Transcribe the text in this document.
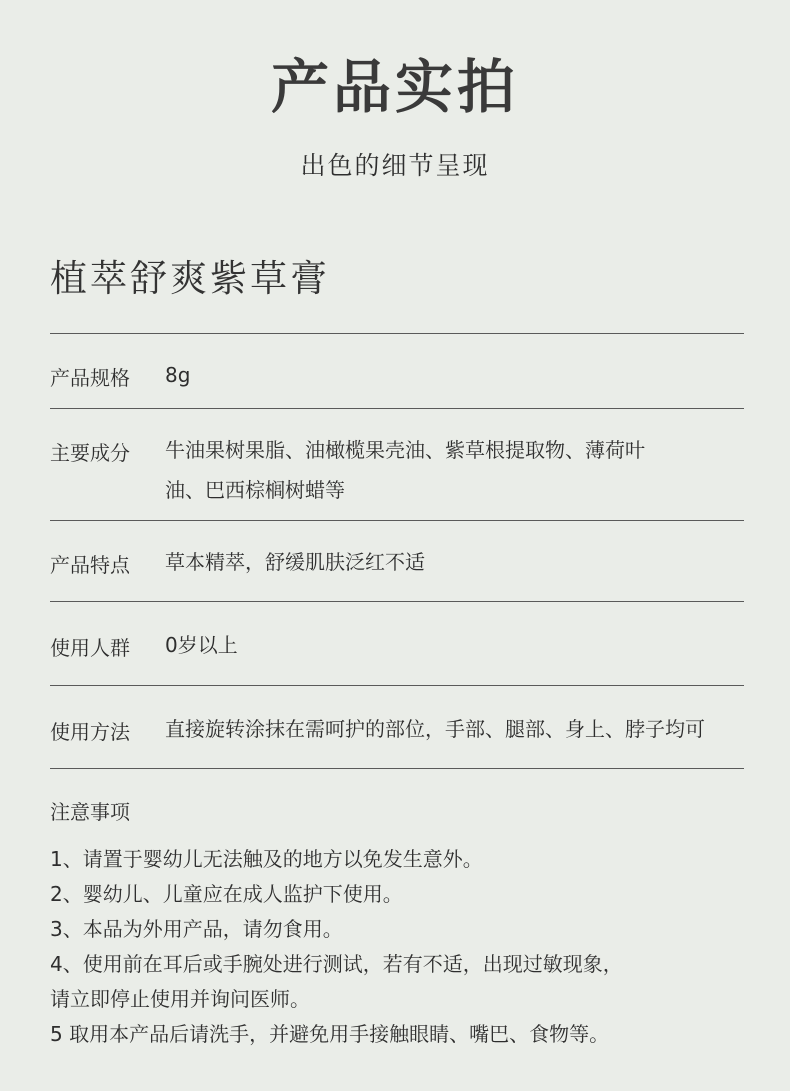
产品实拍
出色的细节呈现
植萃舒爽紫草膏
产品规格 8g
主要成分 牛油果树果脂、油橄榄果壳油、紫草根提取物、薄荷叶
油、巴西棕榈树蜡等
产品特点 草本精萃，舒缓肌肤泛红不适
使用人群 0岁以上
使用方法 直接旋转涂抹在需呵护的部位，手部、腿部、身上、脖子均可
注意事项
1、请置于婴幼儿无法触及的地方以免发生意外。
2、婴幼儿、儿童应在成人监护下使用。
3、本品为外用产品，请勿食用。
4、使用前在耳后或手腕处进行测试，若有不适，出现过敏现象，
请立即停止使用并询问医师。
5 取用本产品后请洗手，并避免用手接触眼睛、嘴巴、食物等。
